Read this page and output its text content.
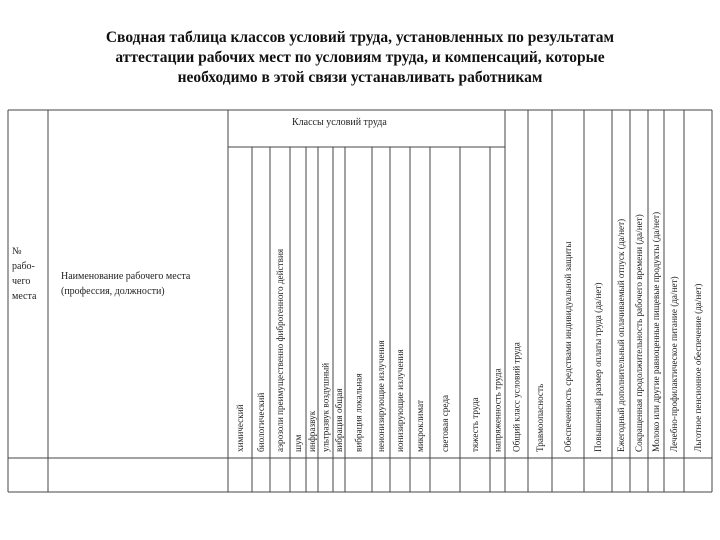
Сводная таблица классов условий труда, установленных по результатам
аттестации рабочих мест по условиям труда, и компенсаций, которые
необходимо в этой связи устанавливать работникам
№
рабо-
чего
места
Наименование рабочего места
(профессия, должности)
Классы условий труда
химический биологический аэрозоли преимущественно фиброгенного действия шум инфразвук ультразвук воздушный вибрация общая вибрация локальная неионизирующие излучения ионизирующие излучения микроклимат световая среда тяжесть труда напряженность труда Общий класс условий труда Травмоопасность Обеспеченность средствами индивидуальной защиты Повышенный размер оплаты труда (да/нет) Ежегодный дополнительный оплачиваемый отпуск (да/нет) Сокращенная продолжительность рабочего времени (да/нет) Молоко или другие равноценные пищевые продукты (да/нет) Лечебно-профилактическое питание (да/нет) Льготное пенсионное обеспечение (да/нет)
